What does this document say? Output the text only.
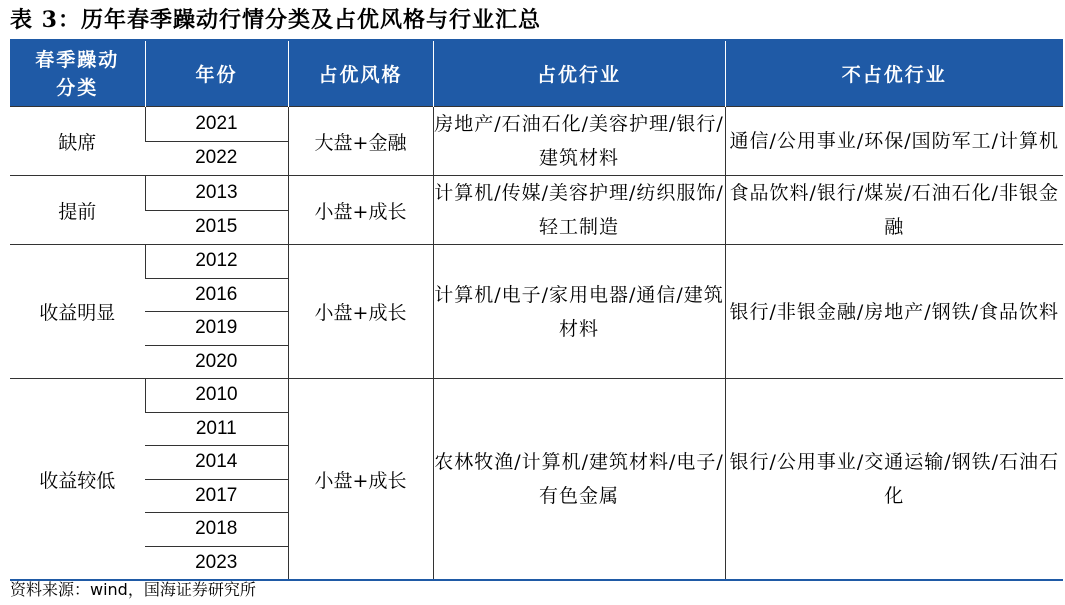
表 3：历年春季躁动行情分类及占优风格与行业汇总
春季躁动
分类	年份	占优风格	占优行业	不占优行业
缺席	2021	大盘+金融	房地产/石油石化/美容护理/银行/建筑材料	通信/公用事业/环保/国防军工/计算机
	2022			
提前	2013	小盘+成长	计算机/传媒/美容护理/纺织服饰/轻工制造	食品饮料/银行/煤炭/石油石化/非银金融
	2015			
收益明显	2012	小盘+成长	计算机/电子/家用电器/通信/建筑材料	银行/非银金融/房地产/钢铁/食品饮料
	2016			
	2019			
	2020			
收益较低	2010	小盘+成长	农林牧渔/计算机/建筑材料/电子/有色金属	银行/公用事业/交通运输/钢铁/石油石化
	2011			
	2014			
	2017			
	2018			
	2023			
资料来源：wind，国海证券研究所
